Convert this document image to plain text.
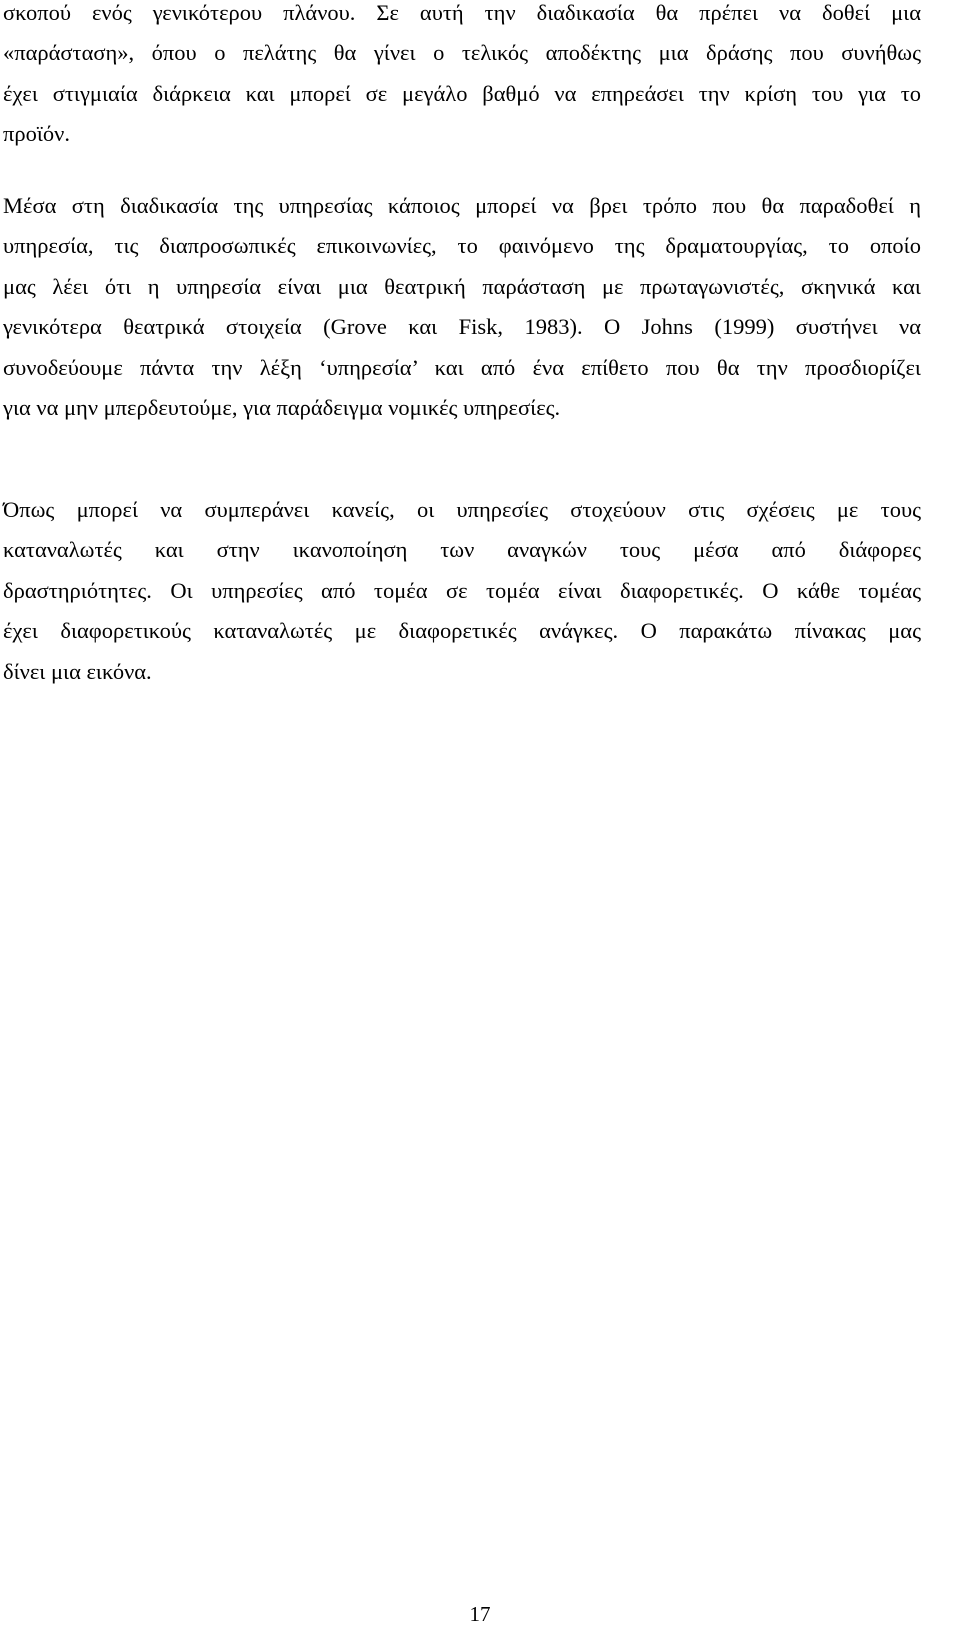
σκοπού ενός γενικότερου πλάνου. Σε αυτή την διαδικασία θα πρέπει να δοθεί μια
«παράσταση», όπου ο πελάτης θα γίνει ο τελικός αποδέκτης μια δράσης που συνήθως
έχει στιγμιαία διάρκεια και μπορεί σε μεγάλο βαθμό να επηρεάσει την κρίση του για το
προϊόν.

Μέσα στη διαδικασία της υπηρεσίας κάποιος μπορεί να βρει τρόπο που θα παραδοθεί η
υπηρεσία, τις διαπροσωπικές επικοινωνίες, το φαινόμενο της δραματουργίας, το οποίο
μας λέει ότι η υπηρεσία είναι μια θεατρική παράσταση με πρωταγωνιστές, σκηνικά και
γενικότερα θεατρικά στοιχεία (Grove και Fisk, 1983). O Johns (1999) συστήνει να
συνοδεύουμε πάντα την λέξη ‘υπηρεσία’ και από ένα επίθετο που θα την προσδιορίζει
για να μην μπερδευτούμε, για παράδειγμα νομικές υπηρεσίες.

Όπως μπορεί να συμπεράνει κανείς, οι υπηρεσίες στοχεύουν στις σχέσεις με τους
καταναλωτές και στην ικανοποίηση των αναγκών τους μέσα από διάφορες
δραστηριότητες. Οι υπηρεσίες από τομέα σε τομέα είναι διαφορετικές. Ο κάθε τομέας
έχει διαφορετικούς καταναλωτές με διαφορετικές ανάγκες. Ο παρακάτω πίνακας μας
δίνει μια εικόνα.

17
